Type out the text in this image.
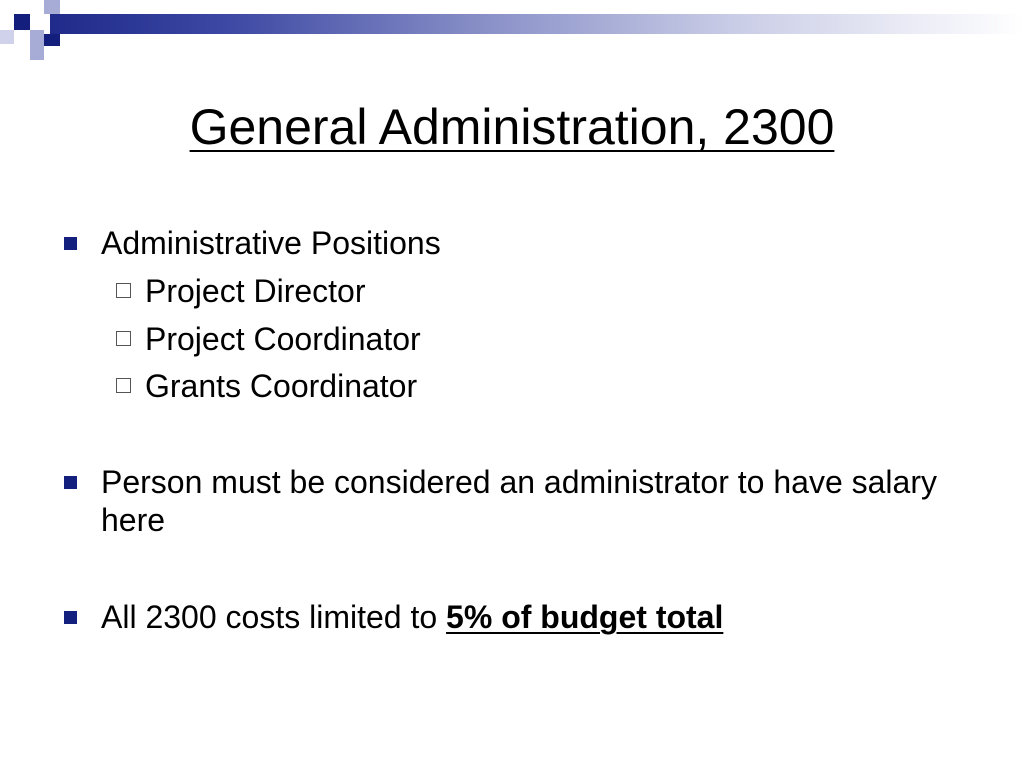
General Administration, 2300
Administrative Positions
Project Director
Project Coordinator
Grants Coordinator
Person must be considered an administrator to have salary here
All 2300 costs limited to 5% of budget total
